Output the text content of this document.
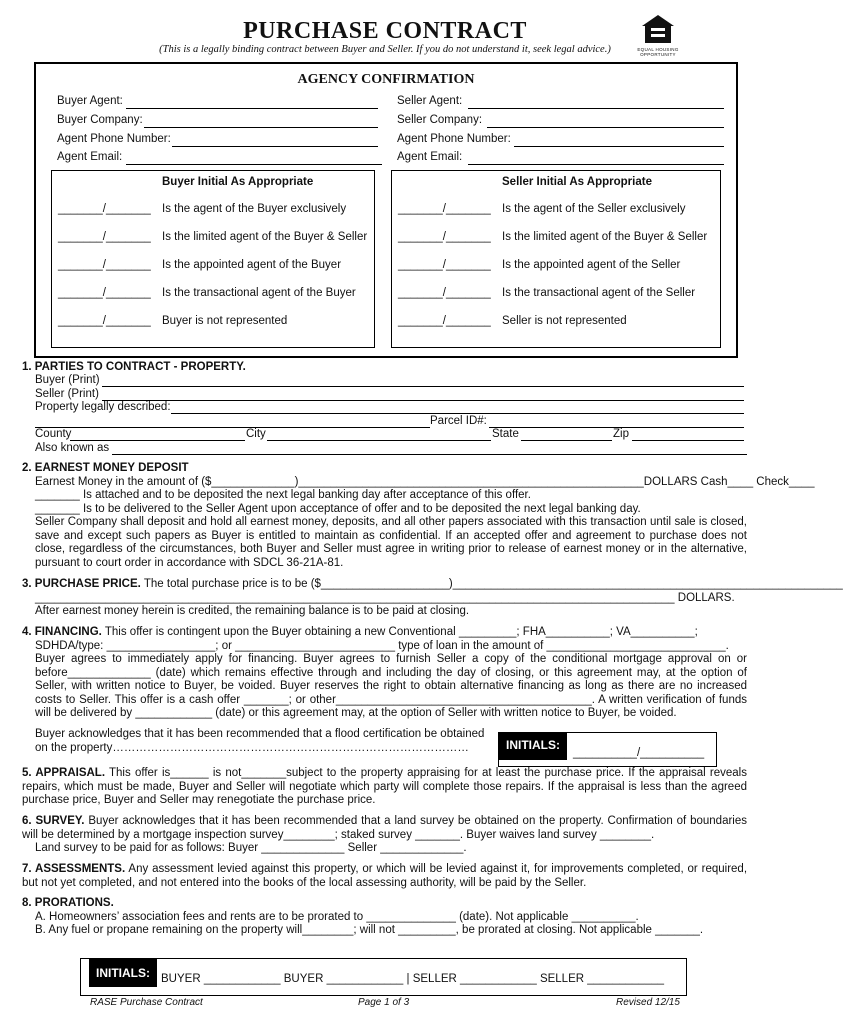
PURCHASE CONTRACT
(This is a legally binding contract between Buyer and Seller. If you do not understand it, seek legal advice.)	EQUAL HOUSING OPPORTUNITY
AGENCY CONFIRMATION
Buyer Agent:
Buyer Company:
Agent Phone Number:
Agent Email:
Seller Agent:
Seller Company:
Agent Phone Number:
Agent Email:
Buyer Initial As Appropriate
_______/_______ Is the agent of the Buyer exclusively
_______/_______ Is the limited agent of the Buyer & Seller
_______/_______ Is the appointed agent of the Buyer
_______/_______ Is the transactional agent of the Buyer
_______/_______ Buyer is not represented
Seller Initial As Appropriate
_______/_______ Is the agent of the Seller exclusively
_______/_______ Is the limited agent of the Buyer & Seller
_______/_______ Is the appointed agent of the Seller
_______/_______ Is the transactional agent of the Seller
_______/_______ Seller is not represented

1. PARTIES TO CONTRACT - PROPERTY.

Buyer (Print)
Seller (Print)
Property legally described:
Parcel ID#:
County	City	State	Zip
Also known as

2. EARNEST MONEY DEPOSIT

Earnest Money in the amount of ($_____________)______________________________________________________DOLLARS Cash____ Check____

_______ Is attached and to be deposited the next legal banking day after acceptance of this offer.

_______ Is to be delivered to the Seller Agent upon acceptance of offer and to be deposited the next legal banking day.

Seller Company shall deposit and hold all earnest money, deposits, and all other papers associated with this transaction until sale is closed, save and except such papers as Buyer is entitled to maintain as confidential. If an accepted offer and agreement to purchase does not close, regardless of the circumstances, both Buyer and Seller must agree in writing prior to release of earnest money or in the alternative, pursuant to court order in accordance with SDCL 36-21A-81.

3. PURCHASE PRICE. The total purchase price is to be ($____________________)_____________________________________________________________

____________________________________________________________________________________________________ DOLLARS.

After earnest money herein is credited, the remaining balance is to be paid at closing.

4. FINANCING. This offer is contingent upon the Buyer obtaining a new Conventional _________; FHA__________; VA__________;

SDHDA/type: _________________; or _________________________ type of loan in the amount of ____________________________.

Buyer agrees to immediately apply for financing. Buyer agrees to furnish Seller a copy of the conditional mortgage approval on or before_____________ (date) which remains effective through and including the day of closing, or this agreement may, at the option of Seller, with written notice to Buyer, be voided. Buyer reserves the right to obtain alternative financing as long as there are no increased costs to Seller. This offer is a cash offer _______; or other________________________________________. A written verification of funds will be delivered by ____________ (date) or this agreement may, at the option of Seller with written notice to Buyer, be voided.

Buyer acknowledges that it has been recommended that a flood certification be obtained on the property…………………………………………………………………………………	INITIALS:
__________/__________

5. APPRAISAL. This offer is______ is not_______subject to the property appraising for at least the purchase price. If the appraisal reveals repairs, which must be made, Buyer and Seller will negotiate which party will complete those repairs. If the appraisal is less than the agreed purchase price, Buyer and Seller may renegotiate the purchase price.

6. SURVEY. Buyer acknowledges that it has been recommended that a land survey be obtained on the property. Confirmation of boundaries will be determined by a mortgage inspection survey________; staked survey _______. Buyer waives land survey ________.

Land survey to be paid for as follows: Buyer _____________ Seller _____________.

7. ASSESSMENTS. Any assessment levied against this property, or which will be levied against it, for improvements completed, or required, but not yet completed, and not entered into the books of the local assessing authority, will be paid by the Seller.

8. PRORATIONS.

A. Homeowners’ association fees and rents are to be prorated to ______________ (date). Not applicable __________.

B. Any fuel or propane remaining on the property will________; will not _________, be prorated at closing. Not applicable _______.

INITIALS: BUYER ____________ BUYER ____________ | SELLER ____________ SELLER ____________
RASE Purchase Contract	Page 1 of 3	Revised 12/15
